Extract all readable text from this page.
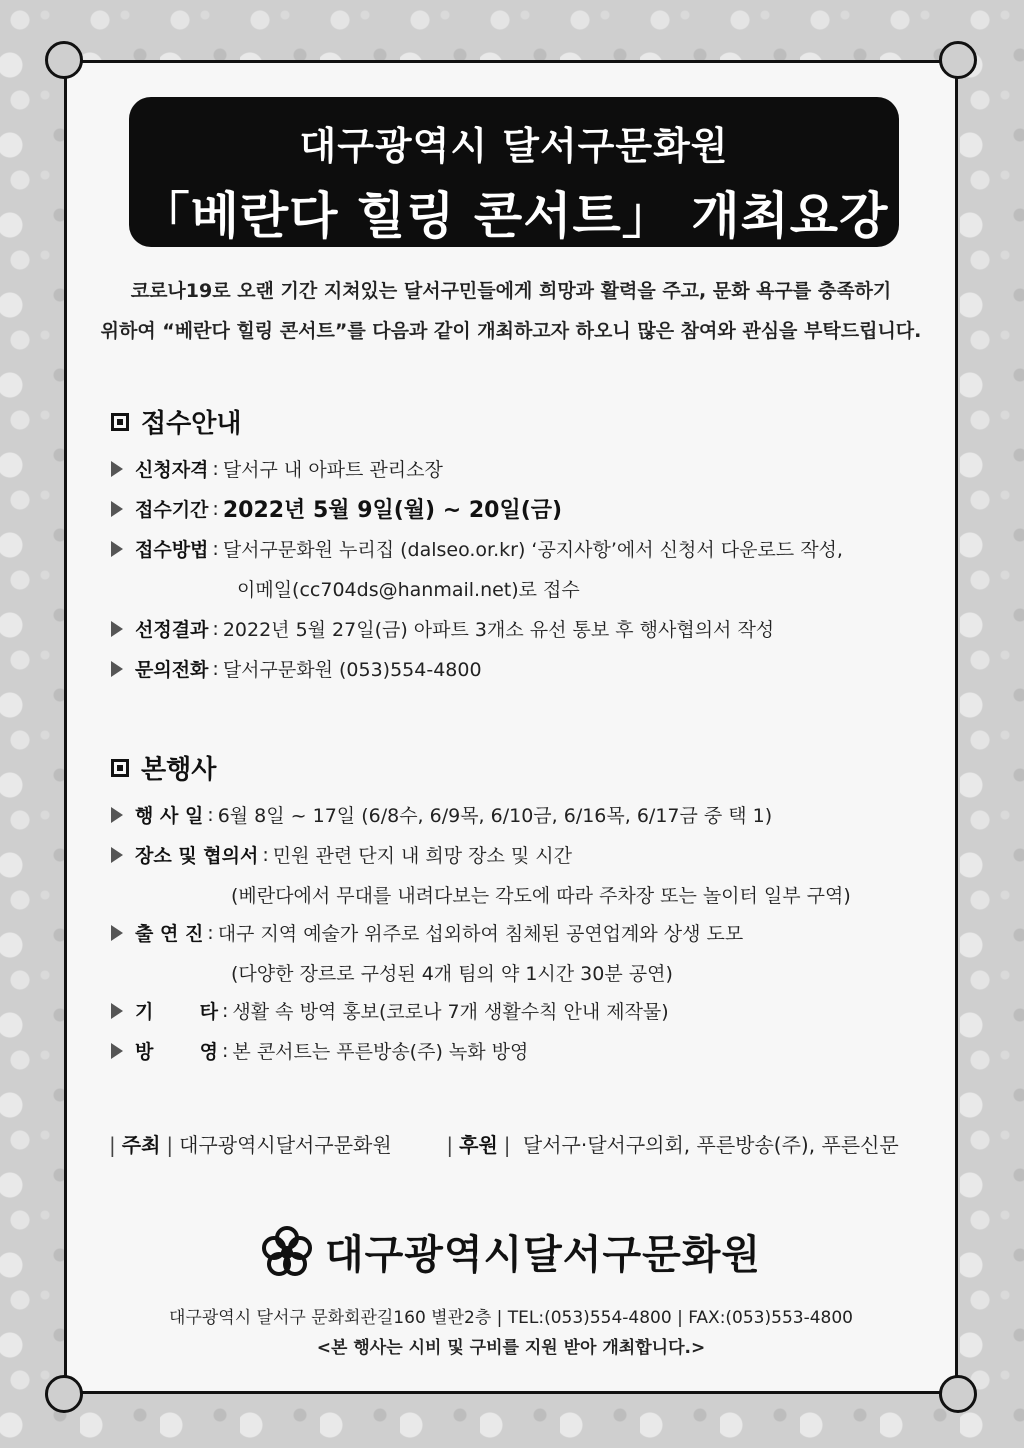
대구광역시 달서구문화원
「베란다 힐링 콘서트」 개최요강
코로나19로 오랜 기간 지쳐있는 달서구민들에게 희망과 활력을 주고, 문화 욕구를 충족하기
위하여 “베란다 힐링 콘서트”를 다음과 같이 개최하고자 하오니 많은 참여와 관심을 부탁드립니다.
접수안내
신청자격 : 달서구 내 아파트 관리소장
접수기간 : 2022년 5월 9일(월) ~ 20일(금)
접수방법 : 달서구문화원 누리집 (dalseo.or.kr) ‘공지사항’에서 신청서 다운로드 작성,
이메일(cc704ds@hanmail.net)로 접수
선정결과 : 2022년 5월 27일(금) 아파트 3개소 유선 통보 후 행사협의서 작성
문의전화 : 달서구문화원 (053)554-4800
본행사
행 사 일 : 6월 8일 ~ 17일 (6/8수, 6/9목, 6/10금, 6/16목, 6/17금 중 택 1)
장소 및 협의서 : 민원 관련 단지 내 희망 장소 및 시간
(베란다에서 무대를 내려다보는 각도에 따라 주차장 또는 놀이터 일부 구역)
출 연 진 : 대구 지역 예술가 위주로 섭외하여 침체된 공연업계와 상생 도모
(다양한 장르로 구성된 4개 팀의 약 1시간 30분 공연)
기       타 : 생활 속 방역 홍보(코로나 7개 생활수칙 안내 제작물)
방       영 : 본 콘서트는 푸른방송(주) 녹화 방영
| 주최 | 대구광역시달서구문화원	| 후원 | 달서구·달서구의회, 푸른방송(주), 푸른신문
대구광역시달서구문화원
대구광역시 달서구 문화회관길160 별관2층 | TEL:(053)554-4800 | FAX:(053)553-4800
<본 행사는 시비 및 구비를 지원 받아 개최합니다.>
